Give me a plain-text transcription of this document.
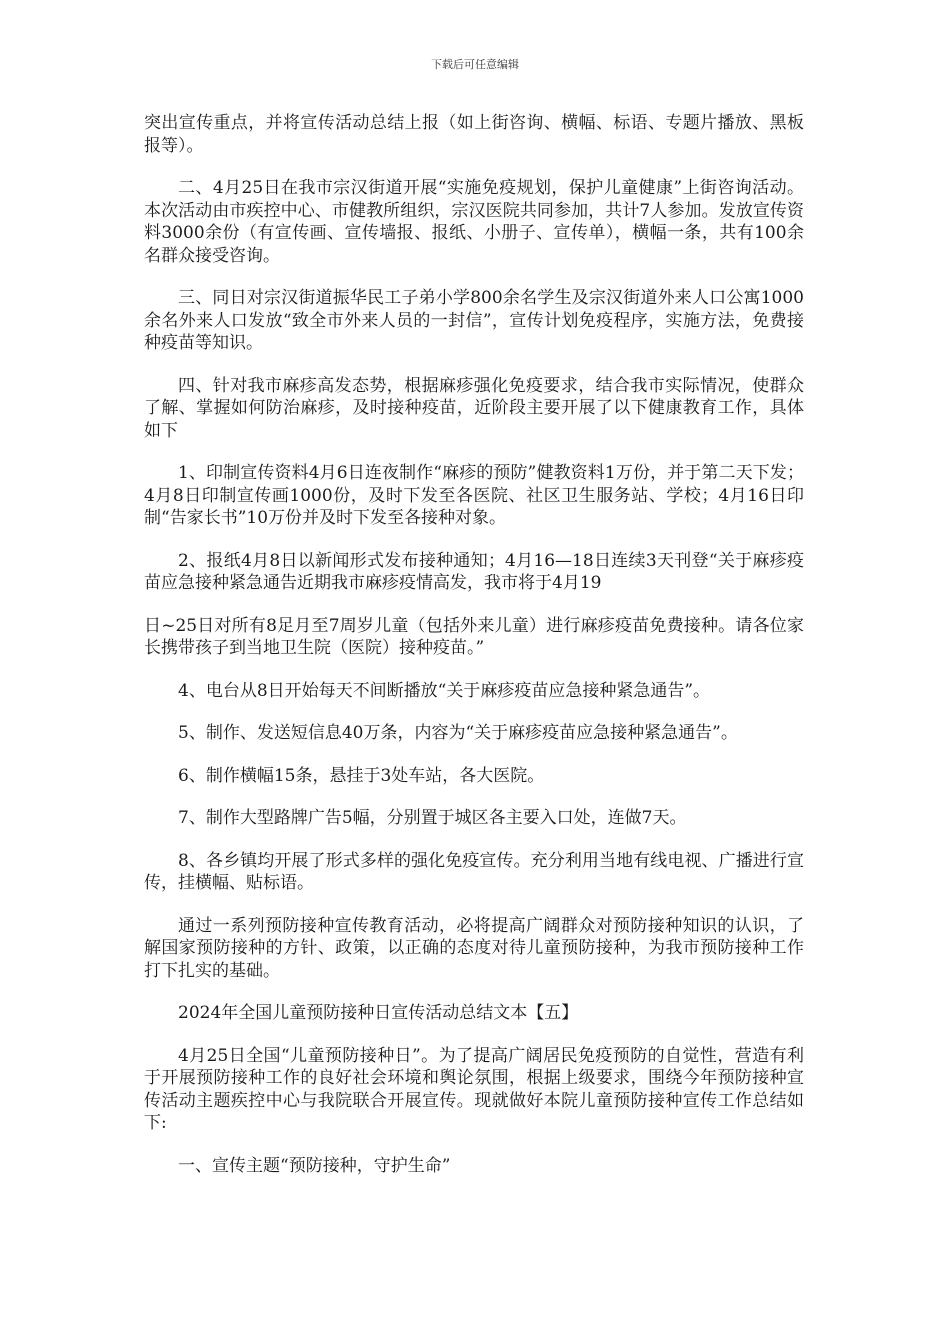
下载后可任意编辑

突出宣传重点，并将宣传活动总结上报（如上街咨询、横幅、标语、专题片播放、黑板报等）。

二、4月25日在我市宗汉街道开展“实施免疫规划，保护儿童健康”上街咨询活动。本次活动由市疾控中心、市健教所组织，宗汉医院共同参加，共计7人参加。发放宣传资料3000余份（有宣传画、宣传墙报、报纸、小册子、宣传单），横幅一条，共有100余名群众接受咨询。

三、同日对宗汉街道振华民工子弟小学800余名学生及宗汉街道外来人口公寓1000余名外来人口发放“致全市外来人员的一封信”，宣传计划免疫程序，实施方法，免费接种疫苗等知识。

四、针对我市麻疹高发态势，根据麻疹强化免疫要求，结合我市实际情况，使群众了解、掌握如何防治麻疹，及时接种疫苗，近阶段主要开展了以下健康教育工作，具体如下

1、印制宣传资料4月6日连夜制作“麻疹的预防”健教资料1万份，并于第二天下发；4月8日印制宣传画1000份，及时下发至各医院、社区卫生服务站、学校；4月16日印制“告家长书”10万份并及时下发至各接种对象。

2、报纸4月8日以新闻形式发布接种通知；4月16—18日连续3天刊登“关于麻疹疫苗应急接种紧急通告近期我市麻疹疫情高发，我市将于4月19

日~25日对所有8足月至7周岁儿童（包括外来儿童）进行麻疹疫苗免费接种。请各位家长携带孩子到当地卫生院（医院）接种疫苗。”

4、电台从8日开始每天不间断播放“关于麻疹疫苗应急接种紧急通告”。

5、制作、发送短信息40万条，内容为“关于麻疹疫苗应急接种紧急通告”。

6、制作横幅15条，悬挂于3处车站，各大医院。

7、制作大型路牌广告5幅，分别置于城区各主要入口处，连做7天。

8、各乡镇均开展了形式多样的强化免疫宣传。充分利用当地有线电视、广播进行宣传，挂横幅、贴标语。

通过一系列预防接种宣传教育活动，必将提高广阔群众对预防接种知识的认识，了解国家预防接种的方针、政策，以正确的态度对待儿童预防接种，为我市预防接种工作打下扎实的基础。

2024年全国儿童预防接种日宣传活动总结文本【五】

4月25日全国“儿童预防接种日”。为了提高广阔居民免疫预防的自觉性，营造有利于开展预防接种工作的良好社会环境和舆论氛围，根据上级要求，围绕今年预防接种宣传活动主题疾控中心与我院联合开展宣传。现就做好本院儿童预防接种宣传工作总结如下:

一、宣传主题“预防接种，守护生命”
